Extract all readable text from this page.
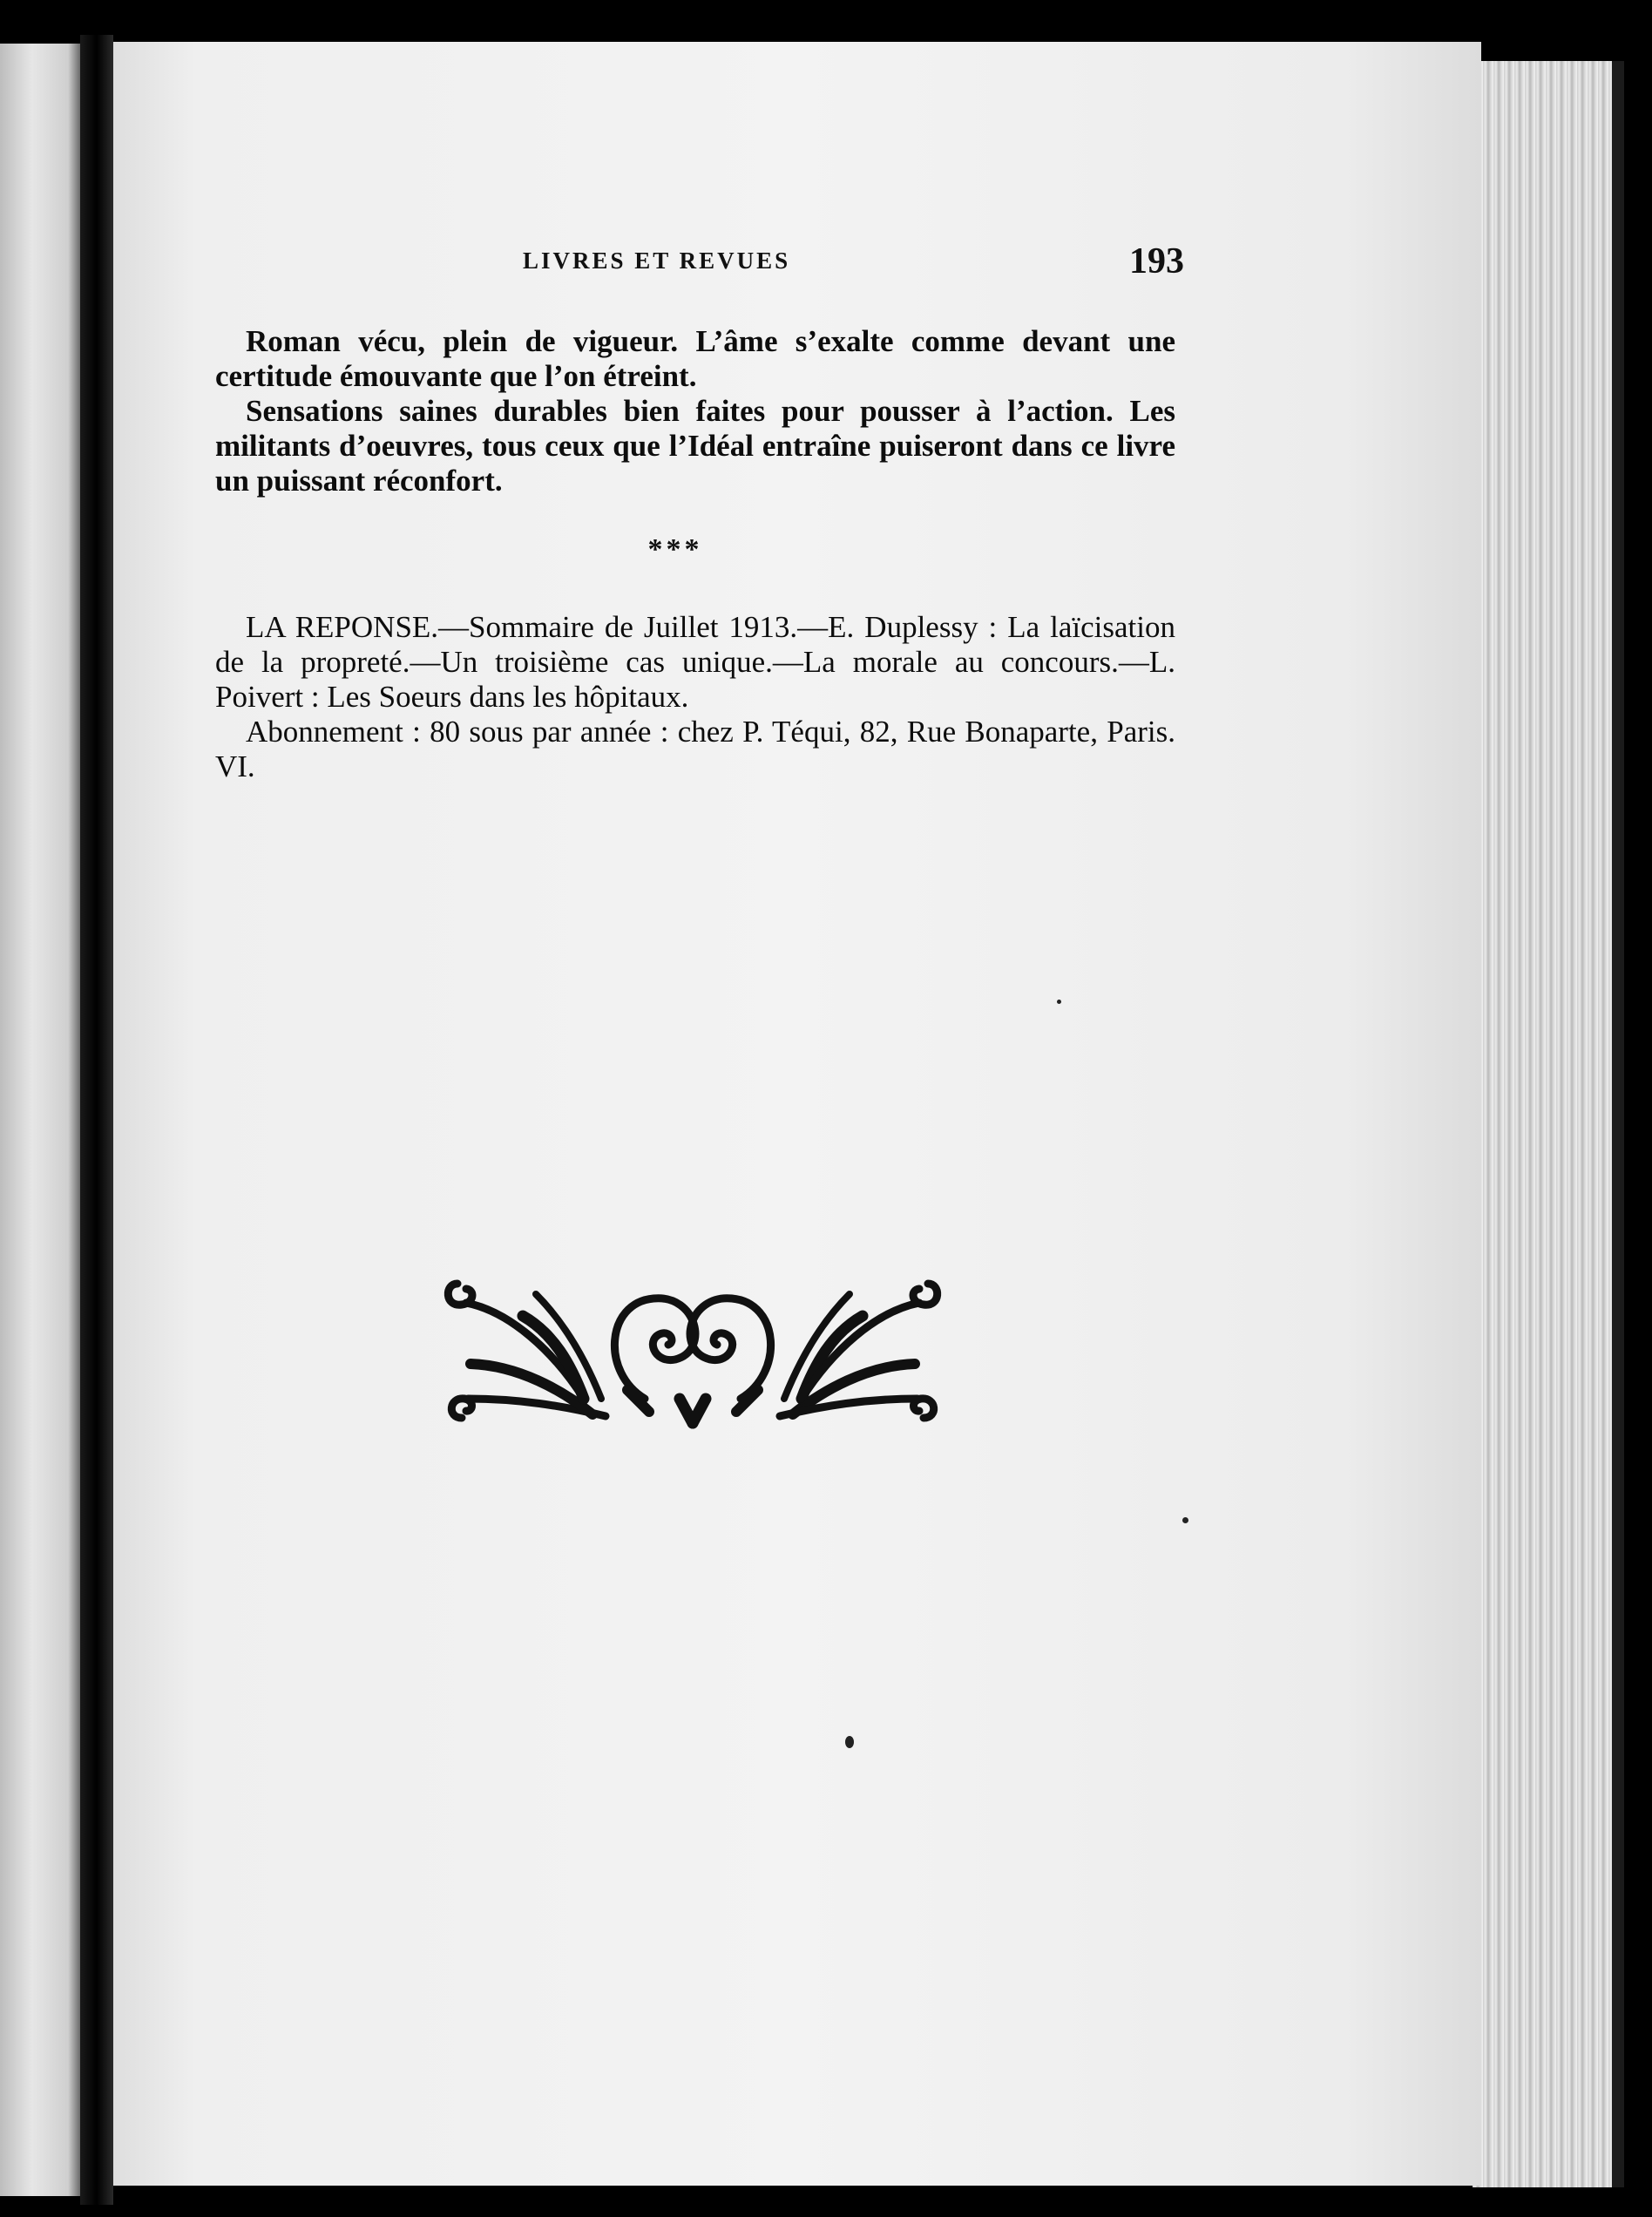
LIVRES ET REVUES	193

Roman vécu, plein de vigueur. L’âme s’exalte comme devant une certitude émouvante que l’on étreint.

Sensations saines durables bien faites pour pousser à l’action. Les militants d’oeuvres, tous ceux que l’Idéal entraîne puiseront dans ce livre un puissant réconfort.

***

LA REPONSE.—Sommaire de Juillet 1913.—E. Duplessy : La laïcisation de la propreté.—Un troisième cas unique.—La morale au concours.—L. Poivert : Les Soeurs dans les hôpitaux.

Abonnement : 80 sous par année : chez P. Téqui, 82, Rue Bonaparte, Paris. VI.
